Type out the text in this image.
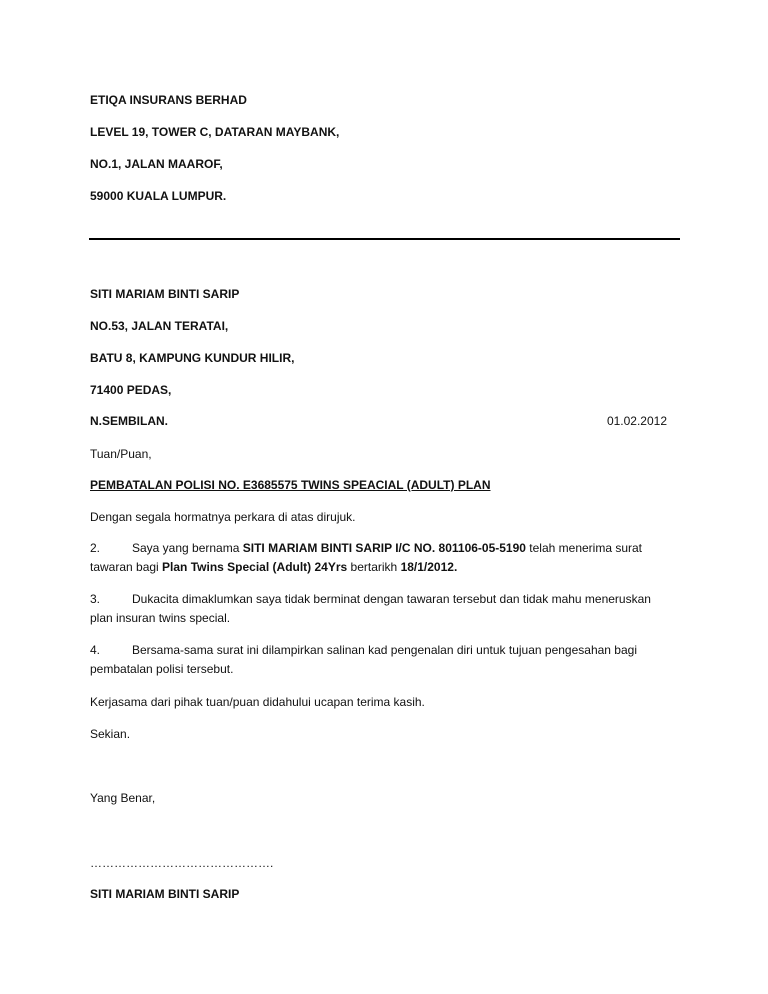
ETIQA INSURANS BERHAD
LEVEL 19, TOWER C, DATARAN MAYBANK,
NO.1, JALAN MAAROF,
59000 KUALA LUMPUR.
SITI MARIAM BINTI SARIP
NO.53, JALAN TERATAI,
BATU 8, KAMPUNG KUNDUR HILIR,
71400 PEDAS,
N.SEMBILAN.	01.02.2012
Tuan/Puan,
PEMBATALAN POLISI NO. E3685575 TWINS SPEACIAL (ADULT) PLAN
Dengan segala hormatnya perkara di atas dirujuk.
2.	Saya yang bernama SITI MARIAM BINTI SARIP I/C NO. 801106-05-5190 telah menerima surat tawaran bagi Plan Twins Special (Adult) 24Yrs bertarikh 18/1/2012.
3.	Dukacita dimaklumkan saya tidak berminat dengan tawaran tersebut dan tidak mahu meneruskan plan insuran twins special.
4.	Bersama-sama surat ini dilampirkan salinan kad pengenalan diri untuk tujuan pengesahan bagi pembatalan polisi tersebut.
Kerjasama dari pihak tuan/puan didahului ucapan terima kasih.
Sekian.
Yang Benar,
……………………………………….
SITI MARIAM BINTI SARIP
